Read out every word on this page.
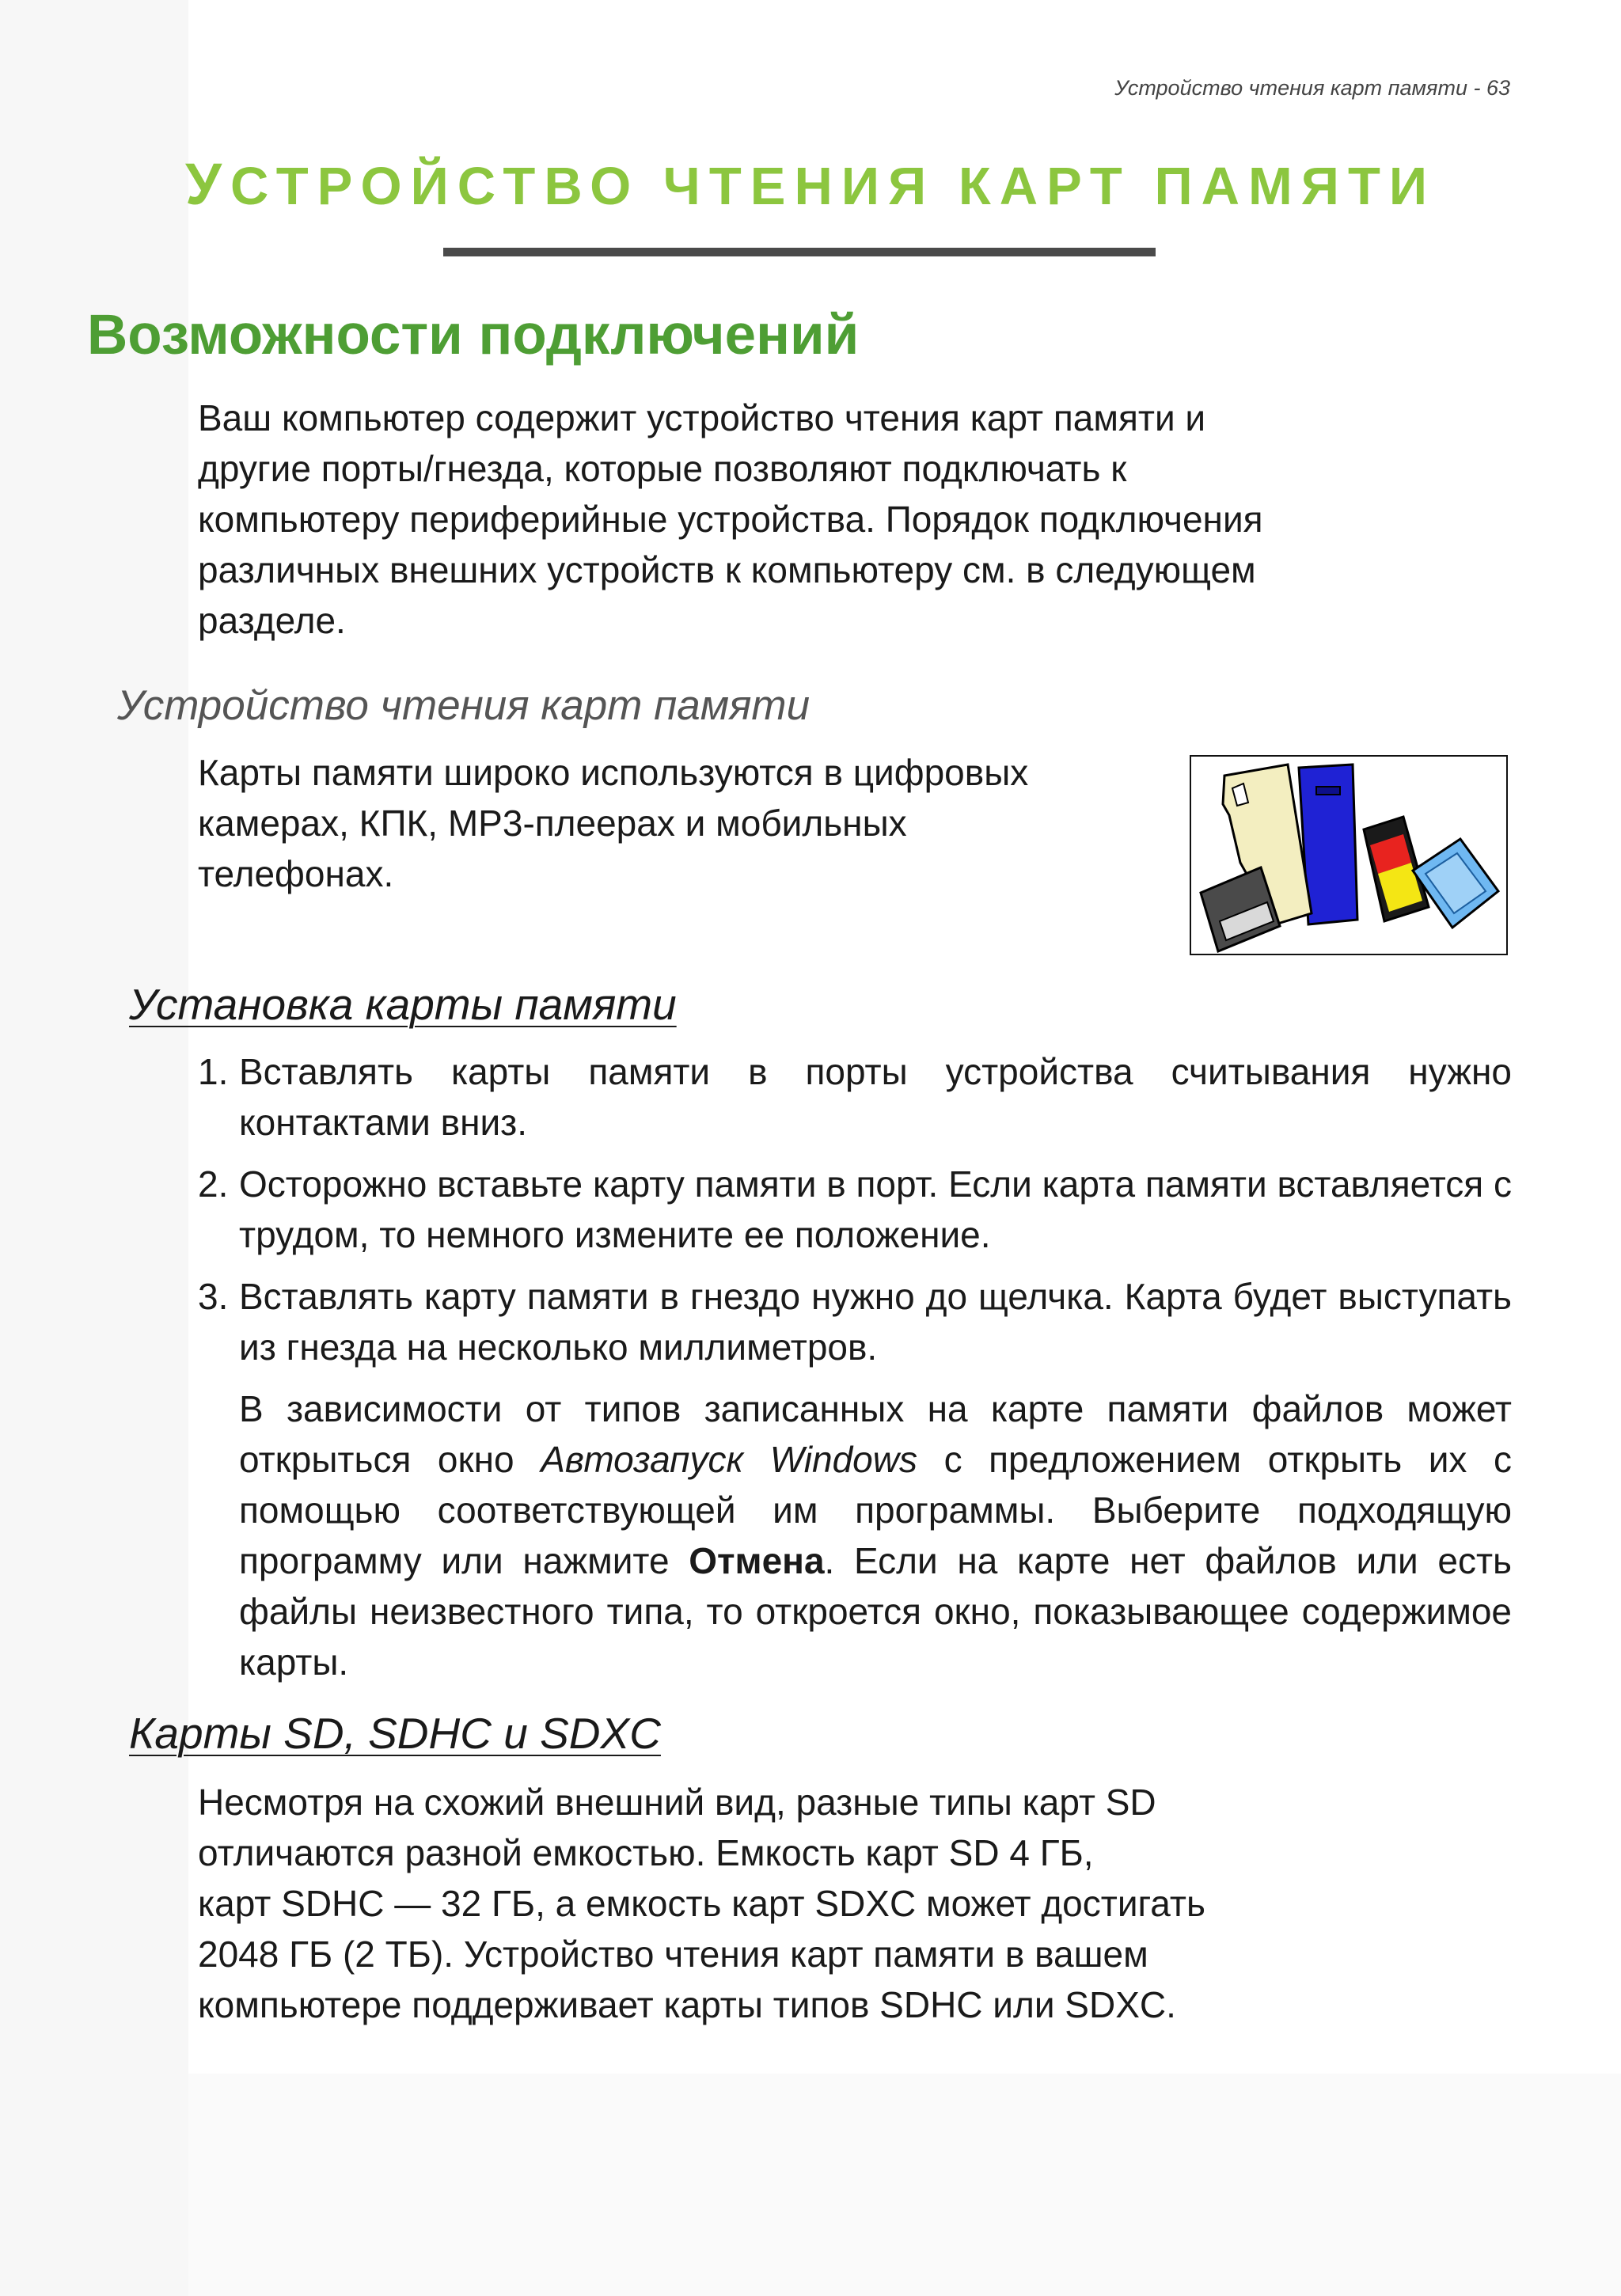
Устройство чтения карт памяти - 63
УСТРОЙСТВО ЧТЕНИЯ КАРТ ПАМЯТИ
Возможности подключений
Ваш компьютер содержит устройство чтения карт памяти и
другие порты/гнезда, которые позволяют подключать к
компьютеру периферийные устройства. Порядок подключения
различных внешних устройств к компьютеру см. в следующем
разделе.
Устройство чтения карт памяти
Карты памяти широко используются в цифровых
камерах, КПК, MP3-плеерах и мобильных
телефонах.
Установка карты памяти
1. Вставлять карты памяти в порты устройства считывания нужно контактами вниз.
2. Осторожно вставьте карту памяти в порт. Если карта памяти вставляется с трудом, то немного измените ее положение.
3. Вставлять карту памяти в гнездо нужно до щелчка. Карта будет выступать из гнезда на несколько миллиметров.
В зависимости от типов записанных на карте памяти файлов может открыться окно Автозапуск Windows с предложением открыть их с помощью соответствующей им программы. Выберите подходящую программу или нажмите Отмена. Если на карте нет файлов или есть файлы неизвестного типа, то откроется окно, показывающее содержимое карты.
Карты SD, SDHC и SDXC
Несмотря на схожий внешний вид, разные типы карт SD
отличаются разной емкостью. Емкость карт SD 4 ГБ,
карт SDHC — 32 ГБ, а емкость карт SDXC может достигать
2048 ГБ (2 ТБ). Устройство чтения карт памяти в вашем
компьютере поддерживает карты типов SDHC или SDXC.
